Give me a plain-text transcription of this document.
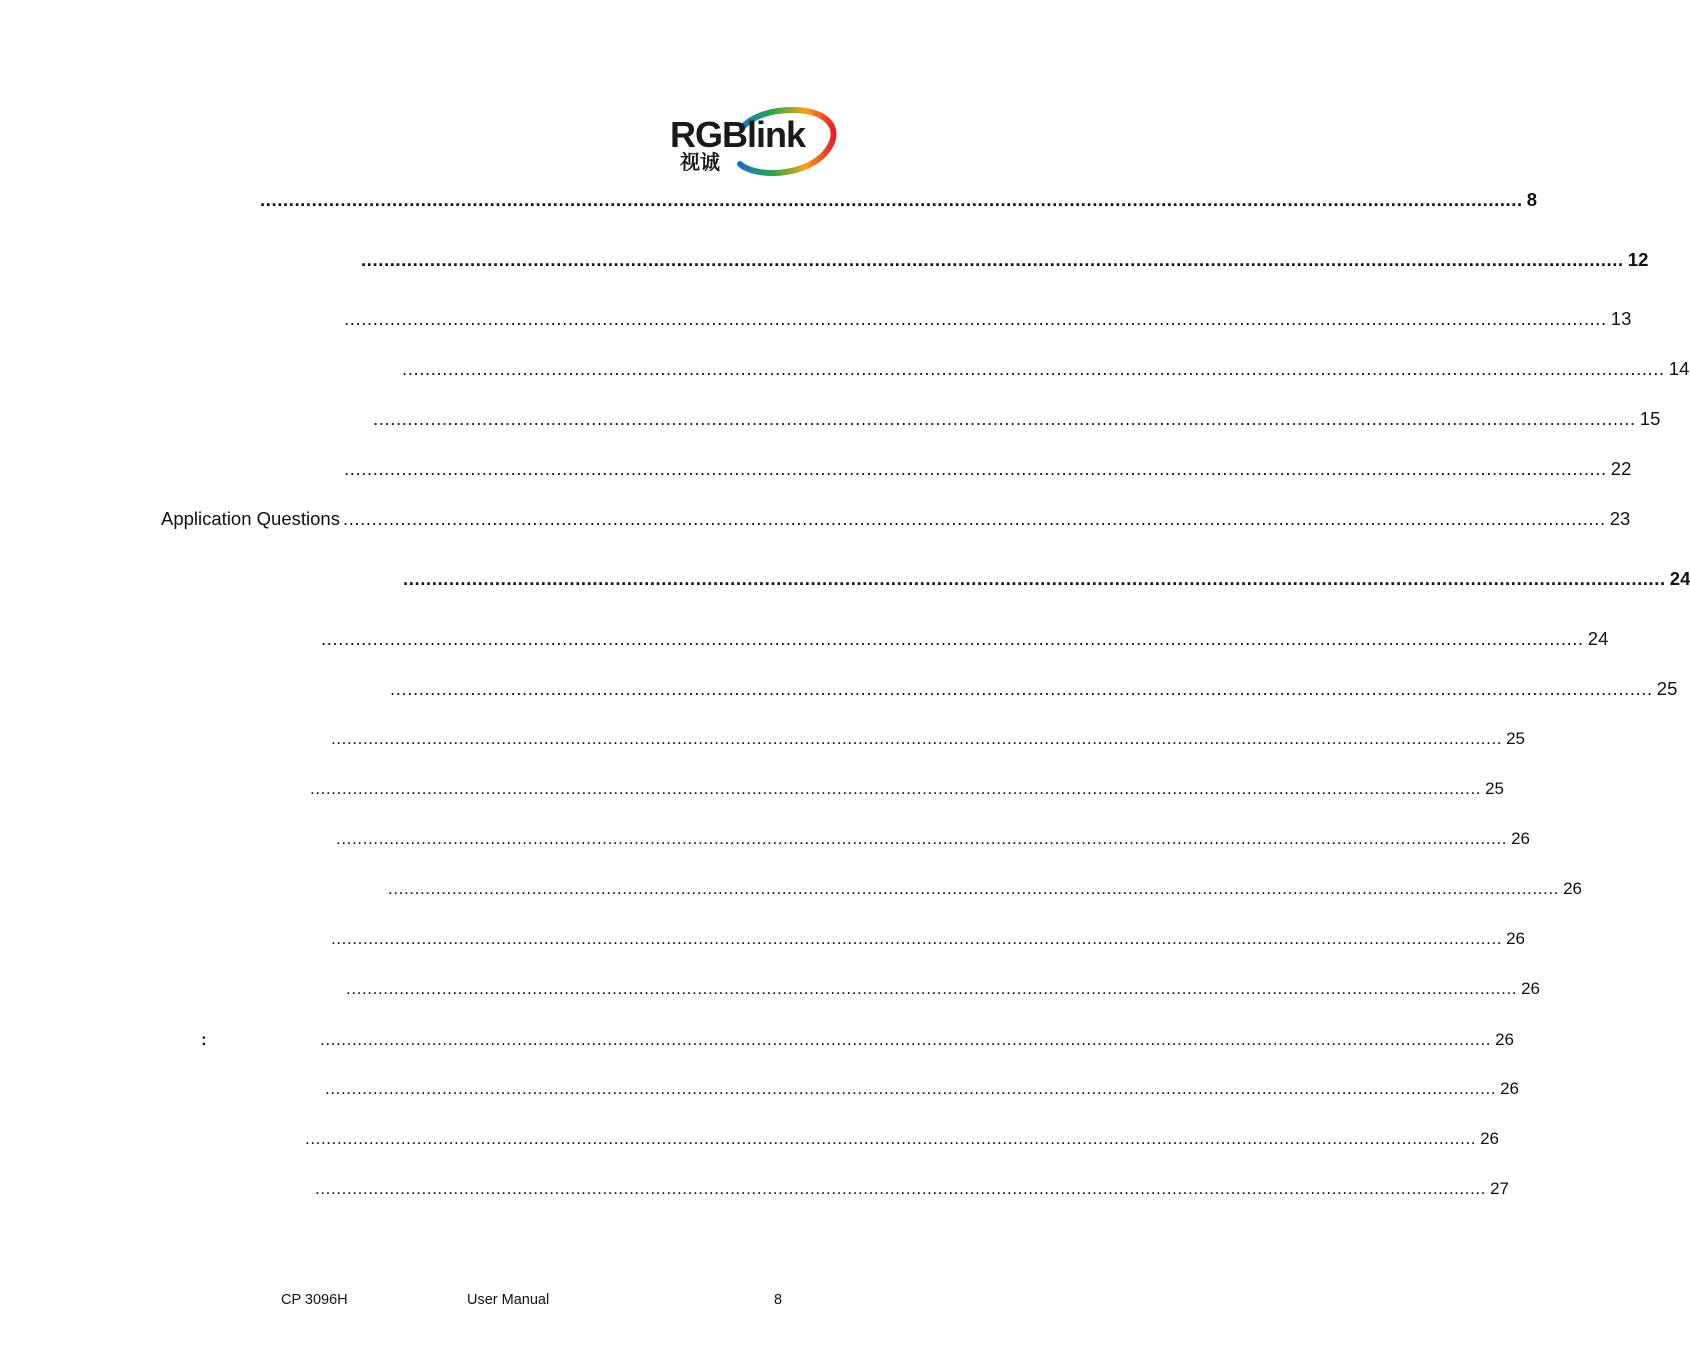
RGBlink
视诚
............................................................................................................................................................................................................................ 8
............................................................................................................................................................................................................................ 12
............................................................................................................................................................................................................................ 13
............................................................................................................................................................................................................................ 14
............................................................................................................................................................................................................................ 15
............................................................................................................................................................................................................................ 22
Application Questions ............................................................................................................................................................................................................................ 23
............................................................................................................................................................................................................................ 24
............................................................................................................................................................................................................................ 24
............................................................................................................................................................................................................................ 25
............................................................................................................................................................................................................................ 25
............................................................................................................................................................................................................................ 25
............................................................................................................................................................................................................................ 26
............................................................................................................................................................................................................................ 26
............................................................................................................................................................................................................................ 26
............................................................................................................................................................................................................................ 26
............................................................................................................................................................................................................................ 26
............................................................................................................................................................................................................................ 26
............................................................................................................................................................................................................................ 26
............................................................................................................................................................................................................................ 27
:
CP 3096H	User Manual	8
